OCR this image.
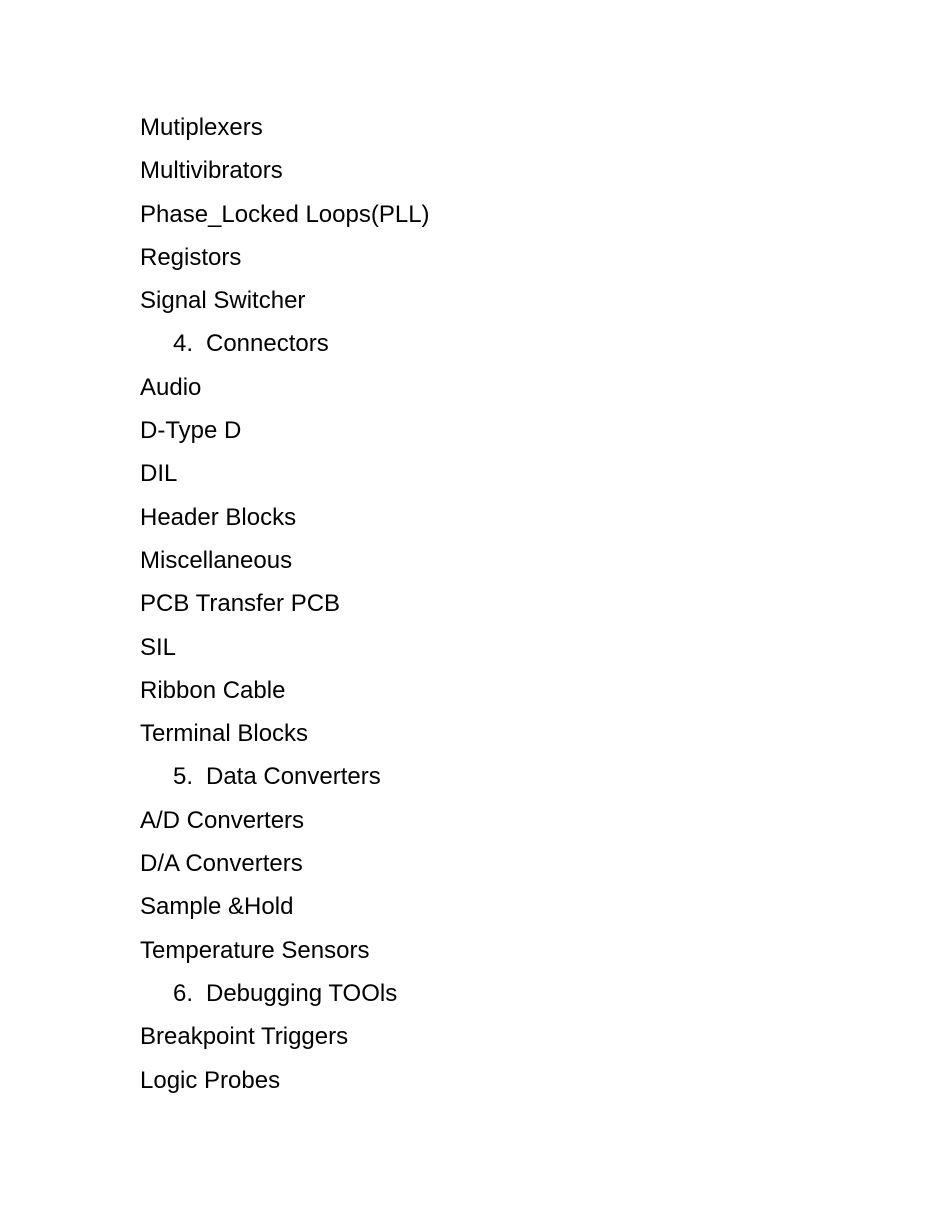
Mutiplexers
Multivibrators
Phase_Locked Loops(PLL)
Registors
Signal Switcher
4. Connectors
Audio
D-Type D
DIL
Header Blocks
Miscellaneous
PCB Transfer PCB
SIL
Ribbon Cable
Terminal Blocks
5. Data Converters
A/D Converters
D/A Converters
Sample &Hold
Temperature Sensors
6. Debugging TOOls
Breakpoint Triggers
Logic Probes
